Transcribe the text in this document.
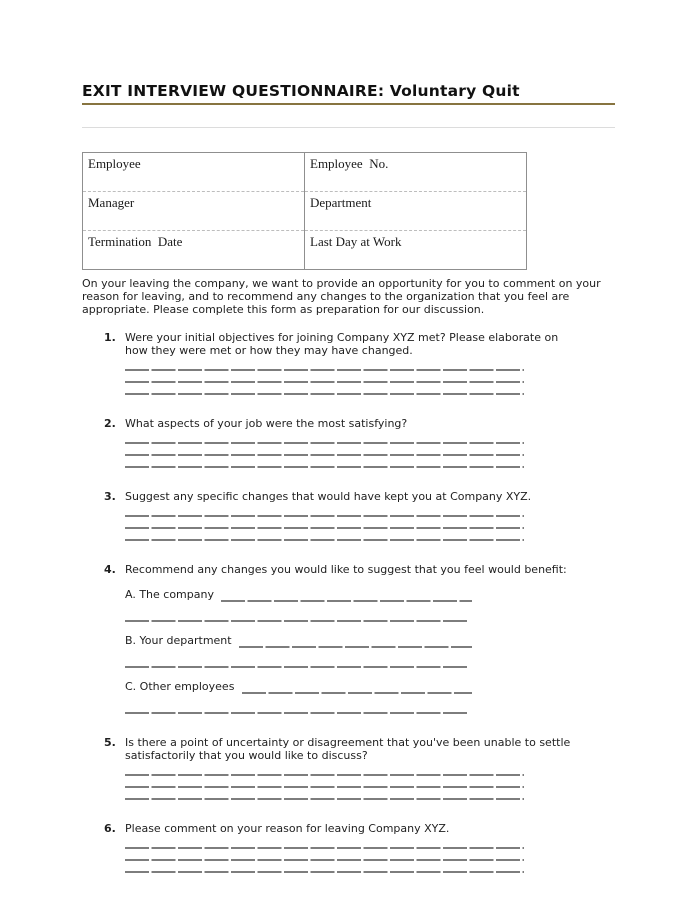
EXIT INTERVIEW QUESTIONNAIRE: Voluntary Quit
Employee	Employee  No.
Manager	Department
Termination  Date	Last Day at Work

On your leaving the company, we want to provide an opportunity for you to comment on your reason for leaving, and to recommend any changes to the organization that you feel are appropriate. Please complete this form as preparation for our discussion.

1. Were your initial objectives for joining Company XYZ met? Please elaborate on how they were met or how they may have changed.
2. What aspects of your job were the most satisfying?
3. Suggest any specific changes that would have kept you at Company XYZ.
4. Recommend any changes you would like to suggest that you feel would benefit:
A. The company
B. Your department
C. Other employees
5. Is there a point of uncertainty or disagreement that you've been unable to settle satisfactorily that you would like to discuss?
6. Please comment on your reason for leaving Company XYZ.
